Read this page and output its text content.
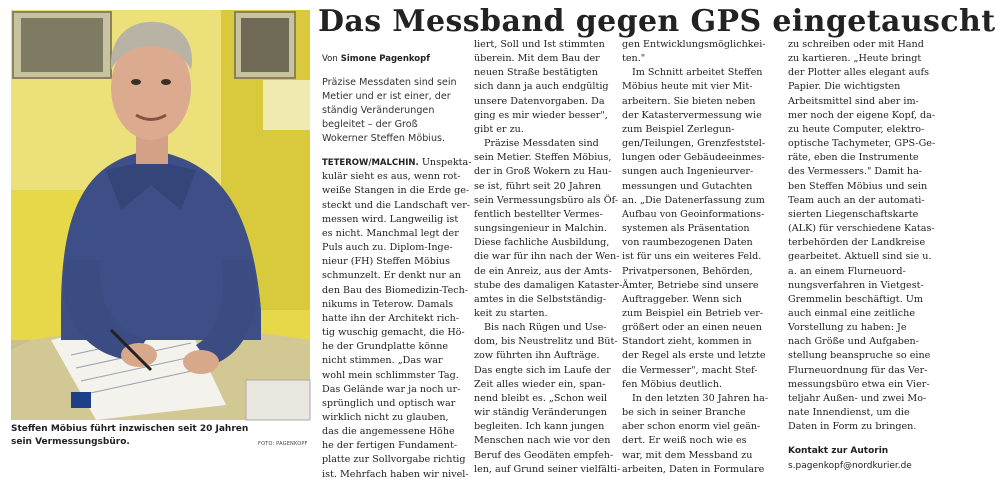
Steffen Möbius führt inzwischen seit 20 Jahren sein Vermessungsbüro.	FOTO: PAGENKOPF
Das Messband gegen GPS eingetauscht
Von Simone Pagenkopf
Präzise Messdaten sind sein
Metier und er ist einer, der
ständig Veränderungen
begleitet – der Groß
Wokerner Steffen Möbius.
TETEROW/MALCHIN. Unspekta-
kulär sieht es aus, wenn rot-
weiße Stangen in die Erde ge-
steckt und die Landschaft ver-
messen wird. Langweilig ist
es nicht. Manchmal legt der
Puls auch zu. Diplom-Inge-
nieur (FH) Steffen Möbius
schmunzelt. Er denkt nur an
den Bau des Biomedizin-Tech-
nikums in Teterow. Damals
hatte ihn der Architekt rich-
tig wuschig gemacht, die Hö-
he der Grundplatte könne
nicht stimmen. „Das war
wohl mein schlimmster Tag.
Das Gelände war ja noch ur-
sprünglich und optisch war
wirklich nicht zu glauben,
das die angemessene Höhe
he der fertigen Fundament-
platte zur Sollvorgabe richtig
ist. Mehrfach haben wir nivel-
liert, Soll und Ist stimmten
überein. Mit dem Bau der
neuen Straße bestätigten
sich dann ja auch endgültig
unsere Datenvorgaben. Da
ging es mir wieder besser",
gibt er zu.
Präzise Messdaten sind
sein Metier. Steffen Möbius,
der in Groß Wokern zu Hau-
se ist, führt seit 20 Jahren
sein Vermessungsbüro als Öf-
fentlich bestellter Vermes-
sungsingenieur in Malchin.
Diese fachliche Ausbildung,
die war für ihn nach der Wen-
de ein Anreiz, aus der Amts-
stube des damaligen Kataster-
amtes in die Selbstständig-
keit zu starten.
Bis nach Rügen und Use-
dom, bis Neustrelitz und Büt-
zow führten ihn Aufträge.
Das engte sich im Laufe der
Zeit alles wieder ein, span-
nend bleibt es. „Schon weil
wir ständig Veränderungen
begleiten. Ich kann jungen
Menschen nach wie vor den
Beruf des Geodäten empfeh-
len, auf Grund seiner vielfälti-
gen Entwicklungsmöglichkei-
ten."
Im Schnitt arbeitet Steffen
Möbius heute mit vier Mit-
arbeitern. Sie bieten neben
der Katastervermessung wie
zum Beispiel Zerlegun-
gen/Teilungen, Grenzfeststel-
lungen oder Gebäudeeinmes-
sungen auch Ingenieurver-
messungen und Gutachten
an. „Die Datenerfassung zum
Aufbau von Geoinformations-
systemen als Präsentation
von raumbezogenen Daten
ist für uns ein weiteres Feld.
Privatpersonen, Behörden,
Ämter, Betriebe sind unsere
Auftraggeber. Wenn sich
zum Beispiel ein Betrieb ver-
größert oder an einen neuen
Standort zieht, kommen in
der Regel als erste und letzte
die Vermesser", macht Stef-
fen Möbius deutlich.
In den letzten 30 Jahren ha-
be sich in seiner Branche
aber schon enorm viel geän-
dert. Er weiß noch wie es
war, mit dem Messband zu
arbeiten, Daten in Formulare
zu schreiben oder mit Hand
zu kartieren. „Heute bringt
der Plotter alles elegant aufs
Papier. Die wichtigsten
Arbeitsmittel sind aber im-
mer noch der eigene Kopf, da-
zu heute Computer, elektro-
optische Tachymeter, GPS-Ge-
räte, eben die Instrumente
des Vermessers." Damit ha-
ben Steffen Möbius und sein
Team auch an der automati-
sierten Liegenschaftskarte
(ALK) für verschiedene Katas-
terbehörden der Landkreise
gearbeitet. Aktuell sind sie u.
a. an einem Flurneuord-
nungsverfahren in Vietgest-
Gremmelin beschäftigt. Um
auch einmal eine zeitliche
Vorstellung zu haben: Je
nach Größe und Aufgaben-
stellung beanspruche so eine
Flurneuordnung für das Ver-
messungsbüro etwa ein Vier-
teljahr Außen- und zwei Mo-
nate Innendienst, um die
Daten in Form zu bringen.
Kontakt zur Autorin
s.pagenkopf@nordkurier.de
